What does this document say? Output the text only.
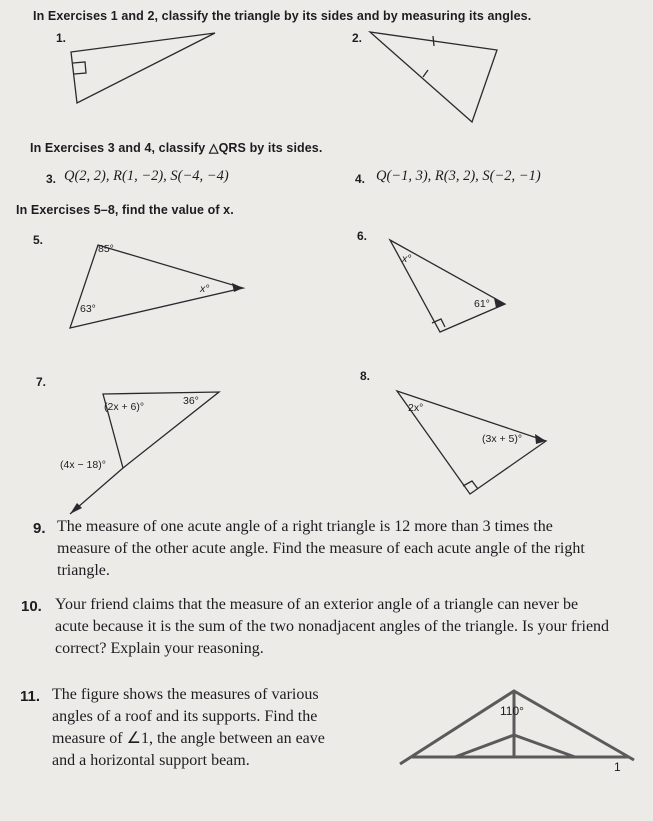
In Exercises 1 and 2, classify the triangle by its sides and by measuring its angles.
In Exercises 3 and 4, classify △QRS by its sides.
In Exercises 5–8, find the value of x.
1.	2.
3. Q(2, 2), R(1, −2), S(−4, −4)	4. Q(−1, 3), R(3, 2), S(−2, −1)
5.	6.
7.	8.
85°
63°
x°
x°
61°
(2x + 6)°	36°
(4x − 18)°
2x°
(3x + 5)°
9. The measure of one acute angle of a right triangle is 12 more than 3 times the measure of the other acute angle. Find the measure of each acute angle of the right triangle.
10. Your friend claims that the measure of an exterior angle of a triangle can never be acute because it is the sum of the two nonadjacent angles of the triangle. Is your friend correct? Explain your reasoning.
11. The figure shows the measures of various angles of a roof and its supports. Find the measure of ∠1, the angle between an eave and a horizontal support beam.
110°
1
